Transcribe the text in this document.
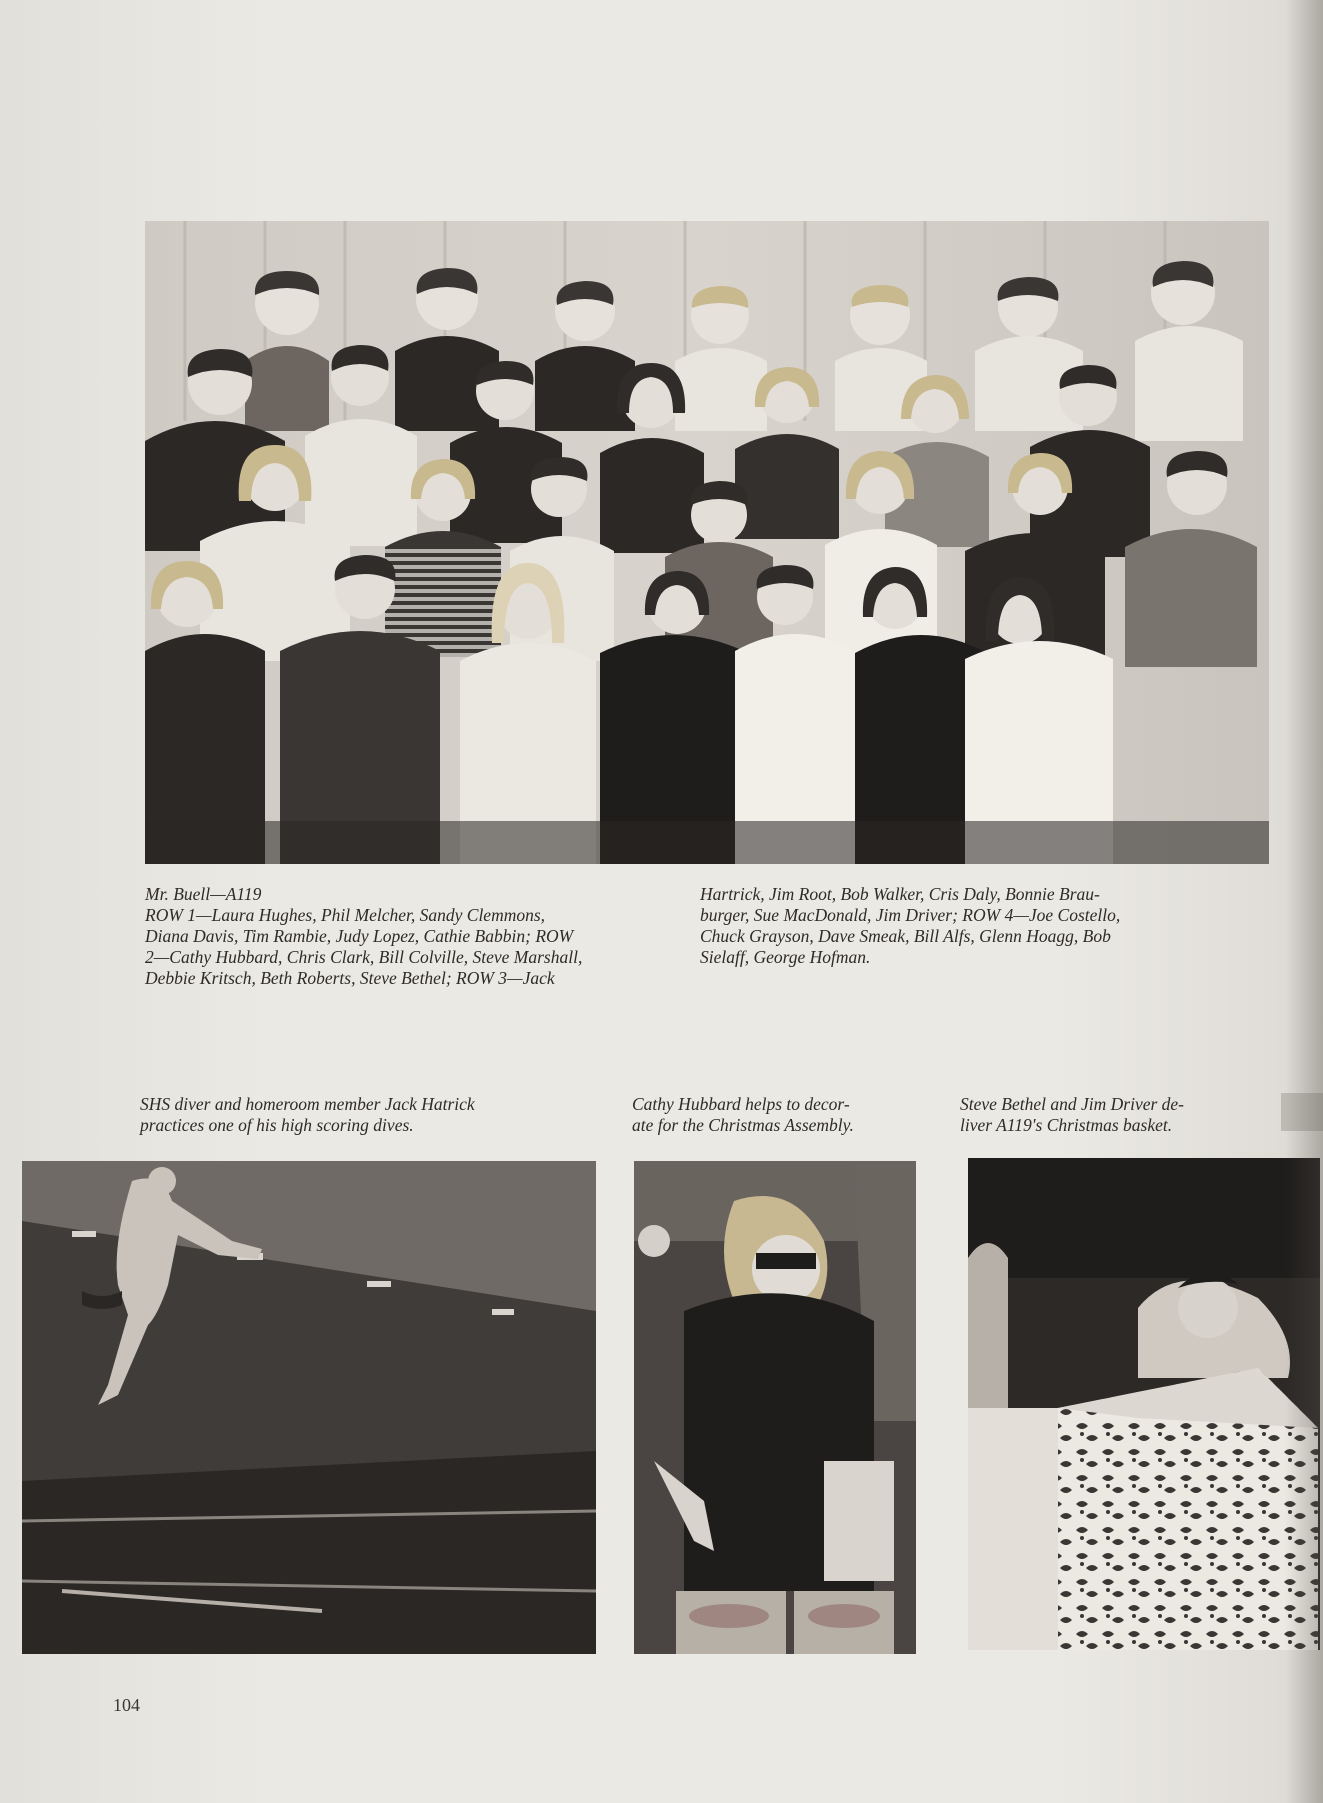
Mr. Buell—A119
ROW 1—Laura Hughes, Phil Melcher, Sandy Clemmons,
Diana Davis, Tim Rambie, Judy Lopez, Cathie Babbin; ROW
2—Cathy Hubbard, Chris Clark, Bill Colville, Steve Marshall,
Debbie Kritsch, Beth Roberts, Steve Bethel; ROW 3—Jack
Hartrick, Jim Root, Bob Walker, Cris Daly, Bonnie Brau-
burger, Sue MacDonald, Jim Driver; ROW 4—Joe Costello,
Chuck Grayson, Dave Smeak, Bill Alfs, Glenn Hoagg, Bob
Sielaff, George Hofman.
SHS diver and homeroom member Jack Hatrick
practices one of his high scoring dives.
Cathy Hubbard helps to decor-
ate for the Christmas Assembly.
Steve Bethel and Jim Driver de-
liver A119's Christmas basket.
104
